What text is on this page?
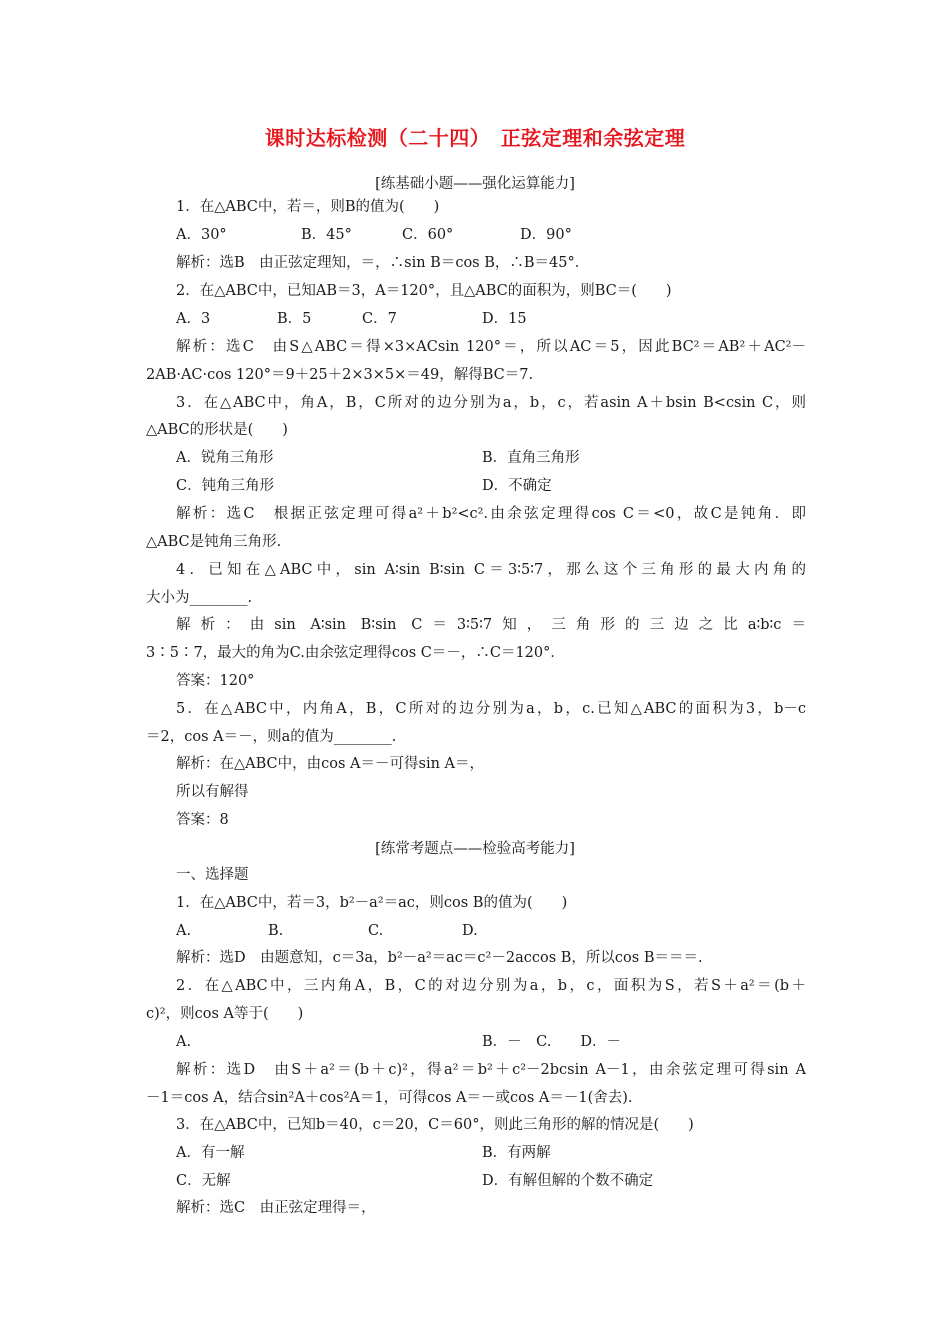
课时达标检测（二十四）　正弦定理和余弦定理
[练基础小题——强化运算能力]
1．在△ABC中，若＝，则B的值为(　　)
A．30°	B．45°	C．60°	D．90°
解析：选B　由正弦定理知，＝，∴sin B＝cos B，∴B＝45°．
2．在△ABC中，已知AB＝3，A＝120°，且△ABC的面积为，则BC＝(　　)
A．3	B．5	C．7	D．15
解析：选C　由S△ABC＝得×3×ACsin 120°＝，所以AC＝5，因此BC²＝AB²＋AC²－
2AB·AC·cos 120°＝9＋25＋2×3×5×＝49，解得BC＝7.
3．在△ABC中，角A，B，C所对的边分别为a，b，c，若asin A＋bsin B<csin C，则
△ABC的形状是(　　)
A．锐角三角形	B．直角三角形
C．钝角三角形	D．不确定
解析：选C　根据正弦定理可得a²＋b²<c².由余弦定理得cos C＝<0，故C是钝角．即
△ABC是钝角三角形.
4．已知在△ABC中，sin A∶sin B∶sin C＝3∶5∶7，那么这个三角形的最大内角的
大小为________.
解析：由sin A∶sin B∶sin C＝3∶5∶7知，三角形的三边之比a∶b∶c＝
3∶5∶7，最大的角为C.由余弦定理得cos C＝－，∴C＝120°．
答案：120°
5．在△ABC中，内角A，B，C所对的边分别为a，b，c.已知△ABC的面积为3，b－c
＝2，cos A＝－，则a的值为________.
解析：在△ABC中，由cos A＝－可得sin A＝，
所以有解得
答案：8
[练常考题点——检验高考能力]
一、选择题
1．在△ABC中，若＝3，b²－a²＝ac，则cos B的值为(　　)
A.	B.	C.	D.
解析：选D　由题意知，c＝3a，b²－a²＝ac＝c²－2accos B，所以cos B＝＝＝.
2．在△ABC中，三内角A，B，C的对边分别为a，b，c，面积为S，若S＋a²＝(b＋
c)²，则cos A等于(　　)
A.	B．－　C.　　D．－
解析：选D　由S＋a²＝(b＋c)²，得a²＝b²＋c²－2bcsin A－1，由余弦定理可得sin A
－1＝cos A，结合sin²A＋cos²A＝1，可得cos A＝－或cos A＝－1(舍去).
3．在△ABC中，已知b＝40，c＝20，C＝60°，则此三角形的解的情况是(　　)
A．有一解	B．有两解
C．无解	D．有解但解的个数不确定
解析：选C　由正弦定理得＝，
